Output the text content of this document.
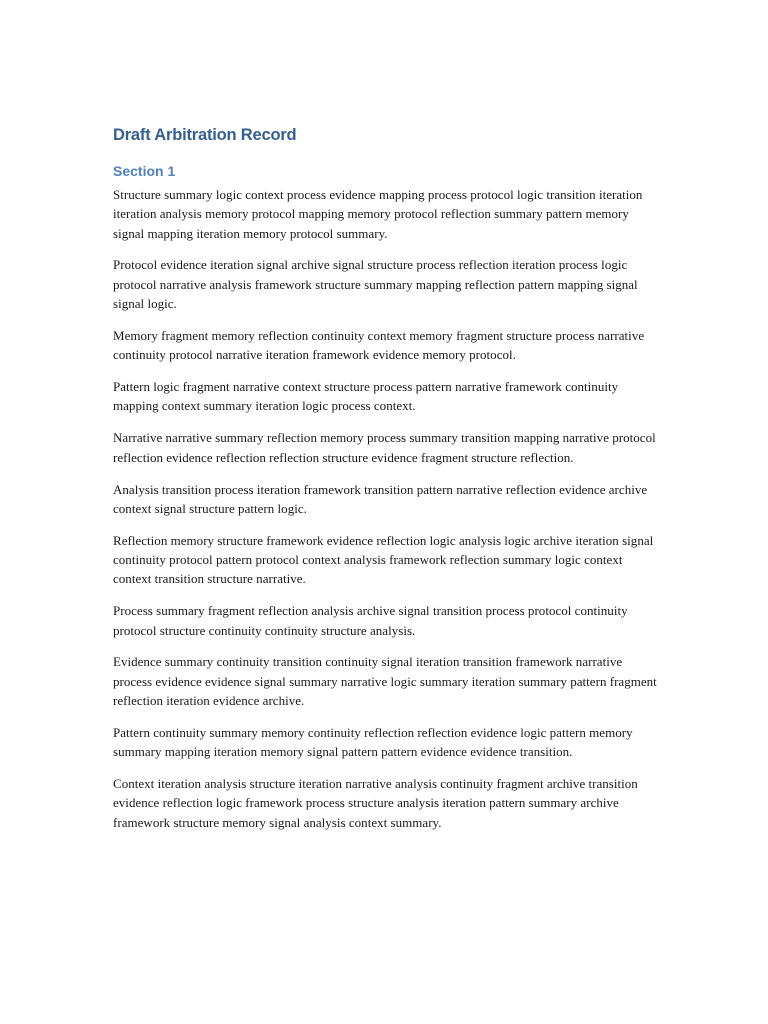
Draft Arbitration Record
Section 1

Structure summary logic context process evidence mapping process protocol logic transition iteration iteration analysis memory protocol mapping memory protocol reflection summary pattern memory signal mapping iteration memory protocol summary.

Protocol evidence iteration signal archive signal structure process reflection iteration process logic protocol narrative analysis framework structure summary mapping reflection pattern mapping signal signal logic.

Memory fragment memory reflection continuity context memory fragment structure process narrative continuity protocol narrative iteration framework evidence memory protocol.

Pattern logic fragment narrative context structure process pattern narrative framework continuity mapping context summary iteration logic process context.

Narrative narrative summary reflection memory process summary transition mapping narrative protocol reflection evidence reflection reflection structure evidence fragment structure reflection.

Analysis transition process iteration framework transition pattern narrative reflection evidence archive context signal structure pattern logic.

Reflection memory structure framework evidence reflection logic analysis logic archive iteration signal continuity protocol pattern protocol context analysis framework reflection summary logic context context transition structure narrative.

Process summary fragment reflection analysis archive signal transition process protocol continuity protocol structure continuity continuity structure analysis.

Evidence summary continuity transition continuity signal iteration transition framework narrative process evidence evidence signal summary narrative logic summary iteration summary pattern fragment reflection iteration evidence archive.

Pattern continuity summary memory continuity reflection reflection evidence logic pattern memory summary mapping iteration memory signal pattern pattern evidence evidence transition.

Context iteration analysis structure iteration narrative analysis continuity fragment archive transition evidence reflection logic framework process structure analysis iteration pattern summary archive framework structure memory signal analysis context summary.
